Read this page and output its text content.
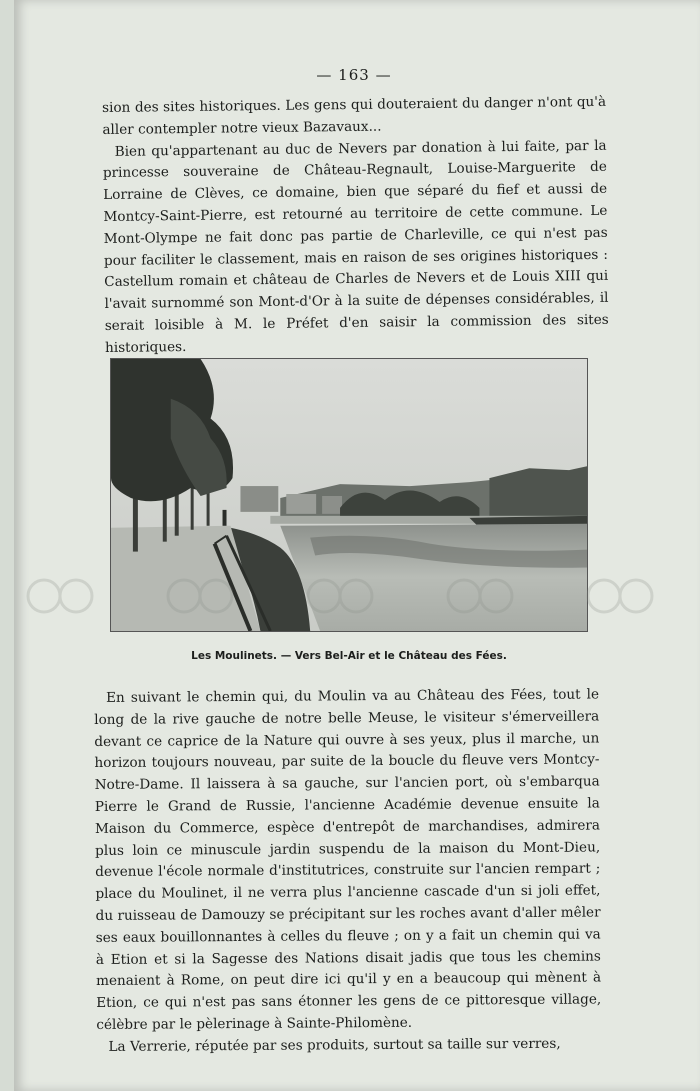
— 163 —

sion des sites historiques. Les gens qui douteraient du danger n'ont qu'à aller contempler notre vieux Bazavaux...

Bien qu'appartenant au duc de Nevers par donation à lui faite, par la princesse souveraine de Château-Regnault, Louise-Marguerite de Lorraine de Clèves, ce domaine, bien que séparé du fief et aussi de Montcy-Saint-Pierre, est retourné au territoire de cette commune. Le Mont-Olympe ne fait donc pas partie de Charleville, ce qui n'est pas pour faciliter le classement, mais en raison de ses origines historiques : Castellum romain et château de Charles de Nevers et de Louis XIII qui l'avait surnommé son Mont-d'Or à la suite de dépenses considérables, il serait loisible à M. le Préfet d'en saisir la commission des sites historiques.

Les Moulinets. — Vers Bel-Air et le Château des Fées.

En suivant le chemin qui, du Moulin va au Château des Fées, tout le long de la rive gauche de notre belle Meuse, le visiteur s'émerveillera devant ce caprice de la Nature qui ouvre à ses yeux, plus il marche, un horizon toujours nouveau, par suite de la boucle du fleuve vers Montcy-Notre-Dame. Il laissera à sa gauche, sur l'ancien port, où s'embarqua Pierre le Grand de Russie, l'ancienne Académie devenue ensuite la Maison du Commerce, espèce d'entrepôt de marchandises, admirera plus loin ce minuscule jardin suspendu de la maison du Mont-Dieu, devenue l'école normale d'institutrices, construite sur l'ancien rempart ; place du Moulinet, il ne verra plus l'ancienne cascade d'un si joli effet, du ruisseau de Damouzy se précipitant sur les roches avant d'aller mêler ses eaux bouillonnantes à celles du fleuve ; on y a fait un chemin qui va à Etion et si la Sagesse des Nations disait jadis que tous les chemins menaient à Rome, on peut dire ici qu'il y en a beaucoup qui mènent à Etion, ce qui n'est pas sans étonner les gens de ce pittoresque village, célèbre par le pèlerinage à Sainte-Philomène.

La Verrerie, réputée par ses produits, surtout sa taille sur verres,
